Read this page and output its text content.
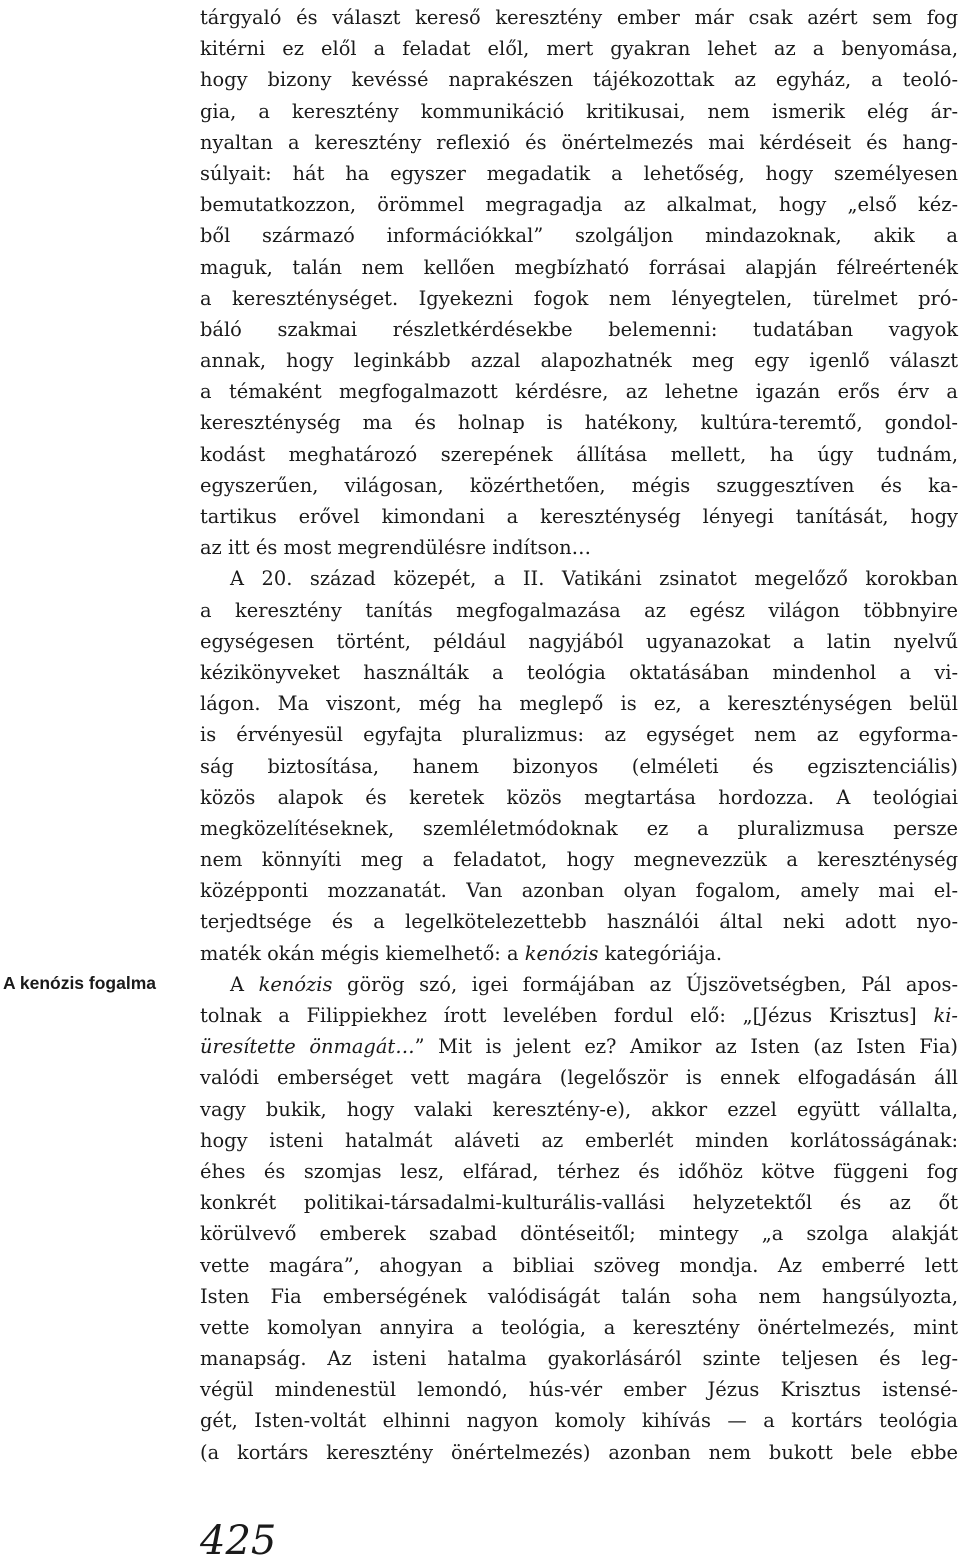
A kenózis fogalma
tárgyaló és választ kereső keresztény ember már csak azért sem fog
kitérni ez elől a feladat elől, mert gyakran lehet az a benyomása,
hogy bizony kevéssé naprakészen tájékozottak az egyház, a teoló-
gia, a keresztény kommunikáció kritikusai, nem ismerik elég ár-
nyaltan a keresztény reflexió és önértelmezés mai kérdéseit és hang-
súlyait: hát ha egyszer megadatik a lehetőség, hogy személyesen
bemutatkozzon, örömmel megragadja az alkalmat, hogy „első kéz-
ből származó információkkal” szolgáljon mindazoknak, akik a
maguk, talán nem kellően megbízható forrásai alapján félreértenék
a kereszténységet. Igyekezni fogok nem lényegtelen, türelmet pró-
báló szakmai részletkérdésekbe belemenni: tudatában vagyok
annak, hogy leginkább azzal alapozhatnék meg egy igenlő választ
a témaként megfogalmazott kérdésre, az lehetne igazán erős érv a
kereszténység ma és holnap is hatékony, kultúra-teremtő, gondol-
kodást meghatározó szerepének állítása mellett, ha úgy tudnám,
egyszerűen, világosan, közérthetően, mégis szuggesztíven és ka-
tartikus erővel kimondani a kereszténység lényegi tanítását, hogy
az itt és most megrendülésre indítson…
A 20. század közepét, a II. Vatikáni zsinatot megelőző korokban
a keresztény tanítás megfogalmazása az egész világon többnyire
egységesen történt, például nagyjából ugyanazokat a latin nyelvű
kézikönyveket használták a teológia oktatásában mindenhol a vi-
lágon. Ma viszont, még ha meglepő is ez, a kereszténységen belül
is érvényesül egyfajta pluralizmus: az egységet nem az egyforma-
ság biztosítása, hanem bizonyos (elméleti és egzisztenciális)
közös alapok és keretek közös megtartása hordozza. A teológiai
megközelítéseknek, szemléletmódoknak ez a pluralizmusa persze
nem könnyíti meg a feladatot, hogy megnevezzük a kereszténység
középponti mozzanatát. Van azonban olyan fogalom, amely mai el-
terjedtsége és a legelkötelezettebb használói által neki adott nyo-
maték okán mégis kiemelhető: a kenózis kategóriája.
A kenózis görög szó, igei formájában az Újszövetségben, Pál apos-
tolnak a Filippiekhez írott levelében fordul elő: „[Jézus Krisztus] ki-
üresítette önmagát…” Mit is jelent ez? Amikor az Isten (az Isten Fia)
valódi emberséget vett magára (legelőször is ennek elfogadásán áll
vagy bukik, hogy valaki keresztény-e), akkor ezzel együtt vállalta,
hogy isteni hatalmát aláveti az emberlét minden korlátosságának:
éhes és szomjas lesz, elfárad, térhez és időhöz kötve függeni fog
konkrét politikai-társadalmi-kulturális-vallási helyzetektől és az őt
körülvevő emberek szabad döntéseitől; mintegy „a szolga alakját
vette magára”, ahogyan a bibliai szöveg mondja. Az emberré lett
Isten Fia emberségének valódiságát talán soha nem hangsúlyozta,
vette komolyan annyira a teológia, a keresztény önértelmezés, mint
manapság. Az isteni hatalma gyakorlásáról szinte teljesen és leg-
végül mindenestül lemondó, hús-vér ember Jézus Krisztus istensé-
gét, Isten-voltát elhinni nagyon komoly kihívás — a kortárs teológia
(a kortárs keresztény önértelmezés) azonban nem bukott bele ebbe
425
